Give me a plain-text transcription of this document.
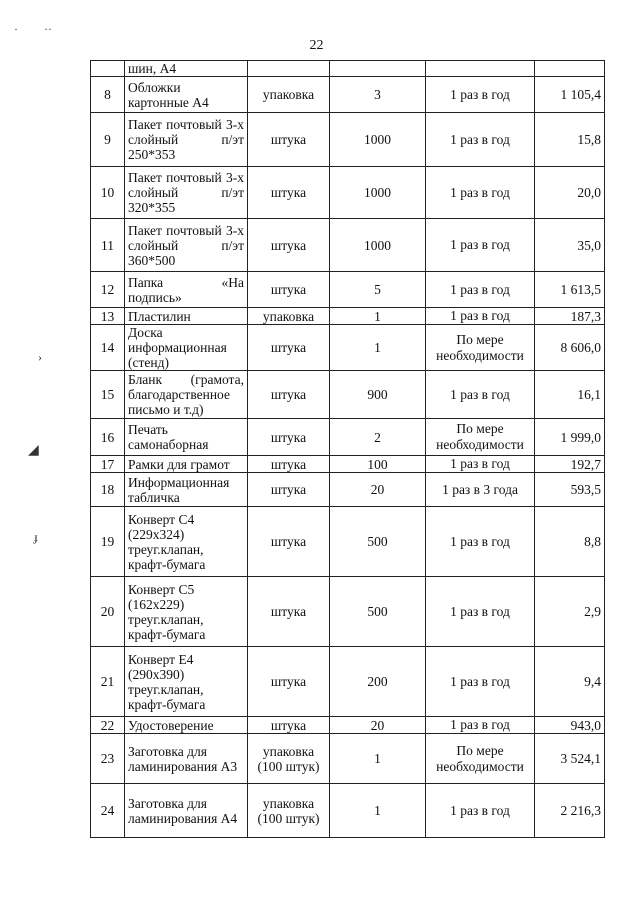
22
· ··
›
◢
ɟ
	шин, А4				
8	Обложки картонные А4	упаковка	3	1 раз в год	1 105,4
9	Пакет почтовый 3-х слойный п/эт 250*353	штука	1000	1 раз в год	15,8
10	Пакет почтовый 3-х слойный п/эт 320*355	штука	1000	1 раз в год	20,0
11	Пакет почтовый 3-х слойный п/эт 360*500	штука	1000	1 раз в год	35,0
12	Папка «На подпись»	штука	5	1 раз в год	1 613,5
13	Пластилин	упаковка	1	1 раз в год	187,3
14	Доска информационная (стенд)	штука	1	По мере необходимости	8 606,0
15	Бланк (грамота, благодарственное письмо и т.д)	штука	900	1 раз в год	16,1
16	Печать самонаборная	штука	2	По мере необходимости	1 999,0
17	Рамки для грамот	штука	100	1 раз в год	192,7
18	Информационная табличка	штука	20	1 раз в 3 года	593,5
19	Конверт С4 (229х324) треуг.клапан, крафт-бумага	штука	500	1 раз в год	8,8
20	Конверт С5 (162х229) треуг.клапан, крафт-бумага	штука	500	1 раз в год	2,9
21	Конверт Е4 (290х390) треуг.клапан, крафт-бумага	штука	200	1 раз в год	9,4
22	Удостоверение	штука	20	1 раз в год	943,0
23	Заготовка для ламинирования А3	упаковка (100 штук)	1	По мере необходимости	3 524,1
24	Заготовка для ламинирования А4	упаковка (100 штук)	1	1 раз в год	2 216,3
